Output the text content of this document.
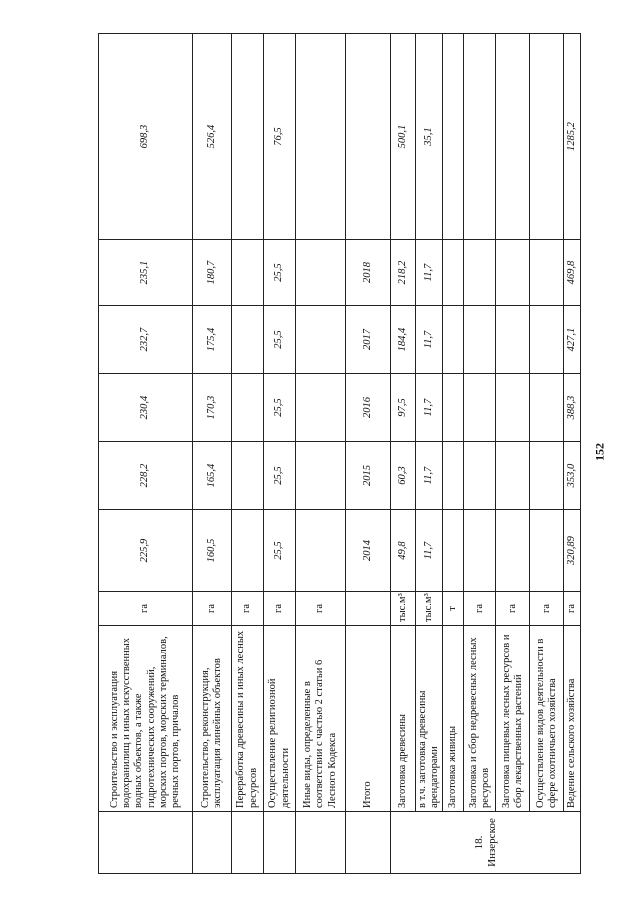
152
	Строительство и эксплуатация водохранилищ и иных искусственных водных объектов, а также гидротехнических сооружений, морских портов, морских терминалов, речных портов, причалов	га	225,9	228,2	230,4	232,7	235,1	698,3
	Строительство, реконструкция, эксплуатация линейных объектов	га	160,5	165,4	170,3	175,4	180,7	526,4
	Переработка древесины и иных лесных ресурсов	га						
	Осуществление религиозной деятельности	га	25,5	25,5	25,5	25,5	25,5	76,5
	Иные виды, определенные в соответствии с частью 2 статьи 6 Лесного Кодекса	га						
	Итого		2014	2015	2016	2017	2018	
18. Инзерское	Заготовка древесины	тыс.м³	49,8	60,3	97,5	184,4	218,2	500,1
	в т.ч. заготовка древесины арендаторами	тыс.м³	11,7	11,7	11,7	11,7	11,7	35,1
	Заготовка живицы	т						
	Заготовка и сбор недревесных лесных ресурсов	га						
	Заготовка пищевых лесных ресурсов и сбор лекарственных растений	га						
	Осуществление видов деятельности в сфере охотничьего хозяйства	га						
	Ведение сельского хозяйства	га	320,89	353,0	388,3	427,1	469,8	1285,2
